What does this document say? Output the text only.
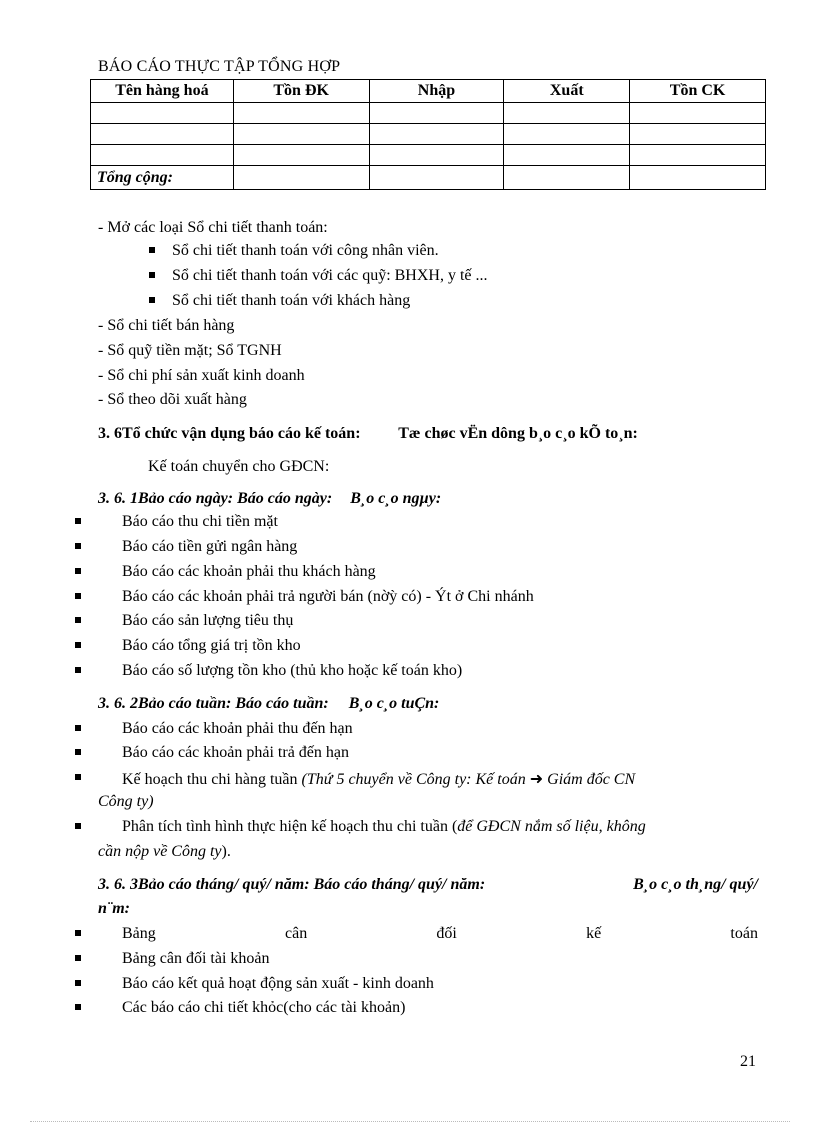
BÁO CÁO THỰC TẬP TỔNG HỢP
Tên hàng hoá	Tồn ĐK	Nhập	Xuất	Tồn CK

Tổng cộng:				
- Mở các loại Sổ chi tiết thanh toán:
Sổ chi tiết thanh toán với công nhân viên.
Sổ chi tiết thanh toán với các quỹ: BHXH, y tế ...
Sổ chi tiết thanh toán với khách hàng
- Sổ chi tiết bán hàng
- Sổ quỹ tiền mặt; Sổ TGNH
- Sổ chi phí sản xuất kinh doanh
- Sổ theo dõi xuất hàng
3. 6Tổ chức vận dụng báo cáo kế toán: Tæ chøc vËn dông b¸o c¸o kÕ to¸n:
Kế toán chuyển cho GĐCN:
3. 6. 1Bảo cáo ngày: Báo cáo ngày: B¸o c¸o ngµy:
Báo cáo thu chi tiền mặt
Báo cáo tiền gửi ngân hàng
Báo cáo các khoản phải thu khách hàng
Báo cáo các khoản phải trả người bán (nờỳ có) - Ýt ở Chi nhánh
Báo cáo sản lượng tiêu thụ
Báo cáo tổng giá trị tồn kho
Báo cáo số lượng tồn kho (thủ kho hoặc kế toán kho)
3. 6. 2Bảo cáo tuần: Báo cáo tuần: B¸o c¸o tuÇn:
Báo cáo các khoản phải thu đến hạn
Báo cáo các khoản phải trả đến hạn
Kế hoạch thu chi hàng tuần (Thứ 5 chuyển về Công ty: Kế toán ➜ Giám đốc CN
Công ty)
Phân tích tình hình thực hiện kế hoạch thu chi tuần (để GĐCN nắm số liệu, không
cần nộp về Công ty).
3. 6. 3Bảo cáo tháng/ quý/ năm: Báo cáo tháng/ quý/ năm:	B¸o c¸o th¸ng/ quý/
n¨m:
Bảng	cân	đối	kế	toán
Bảng cân đối tài khoản
Báo cáo kết quả hoạt động sản xuất - kinh doanh
Các báo cáo chi tiết khỏc(cho các tài khoản)
21
